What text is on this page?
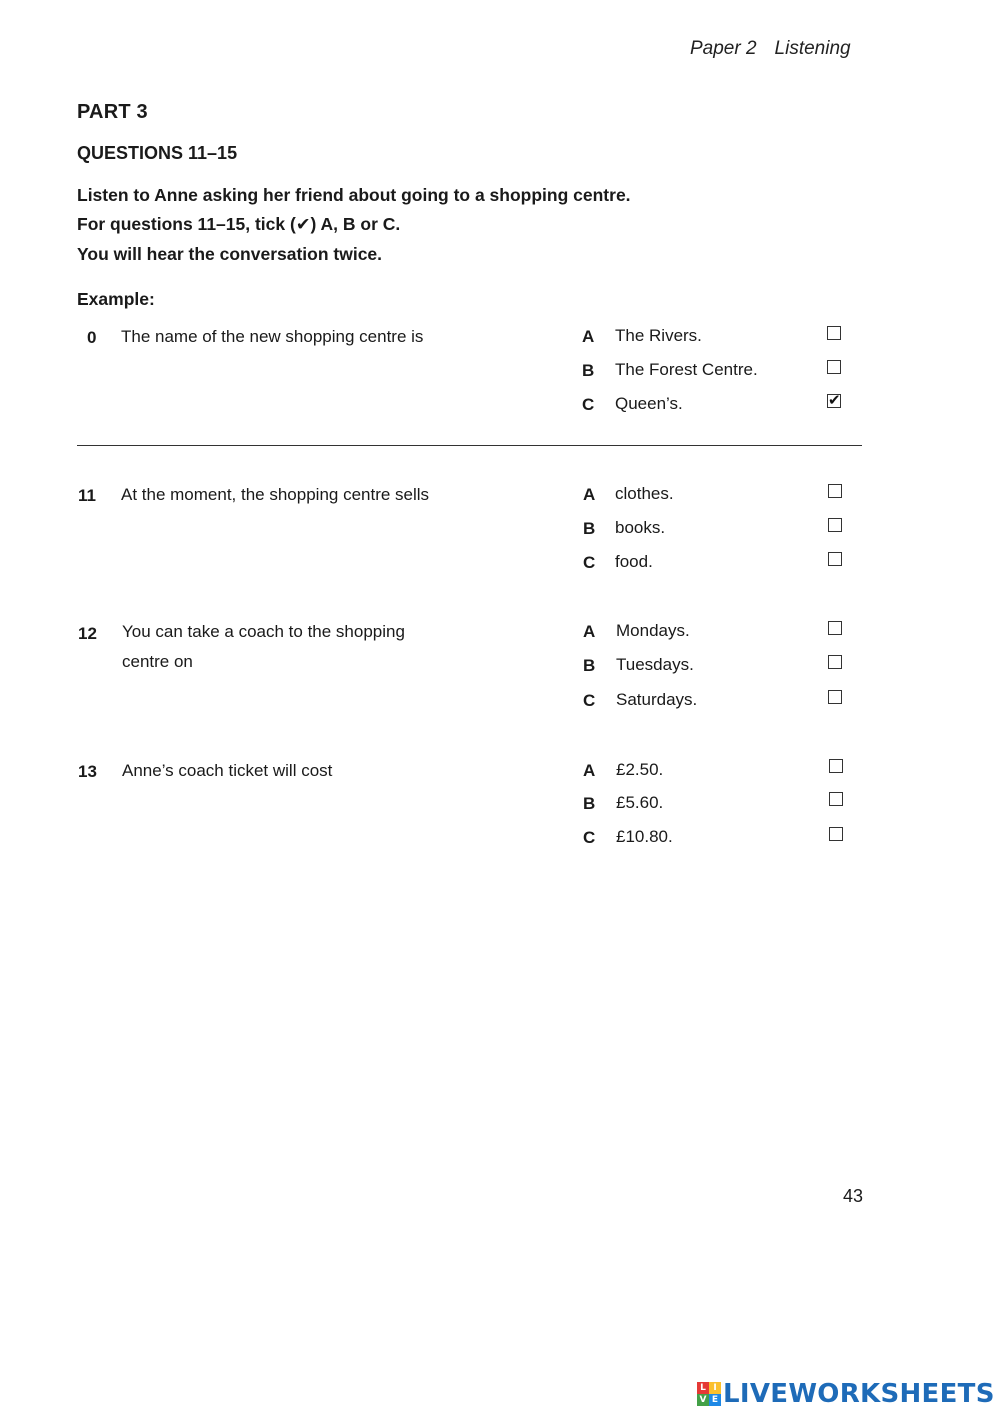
Paper 2 Listening
PART 3
QUESTIONS 11–15
Listen to Anne asking her friend about going to a shopping centre.
For questions 11–15, tick (✔) A, B or C.
You will hear the conversation twice.
Example:
0 The name of the new shopping centre is	A The Rivers.
B The Forest Centre.
C Queen’s.	✔
11 At the moment, the shopping centre sells	A clothes.
B books.
C food.
12 You can take a coach to the shopping
centre on
A Mondays.
B Tuesdays.
C Saturdays.
13 Anne’s coach ticket will cost	A £2.50.
B £5.60.
C £10.80.
43
L I
V E LIVEWORKSHEETS
